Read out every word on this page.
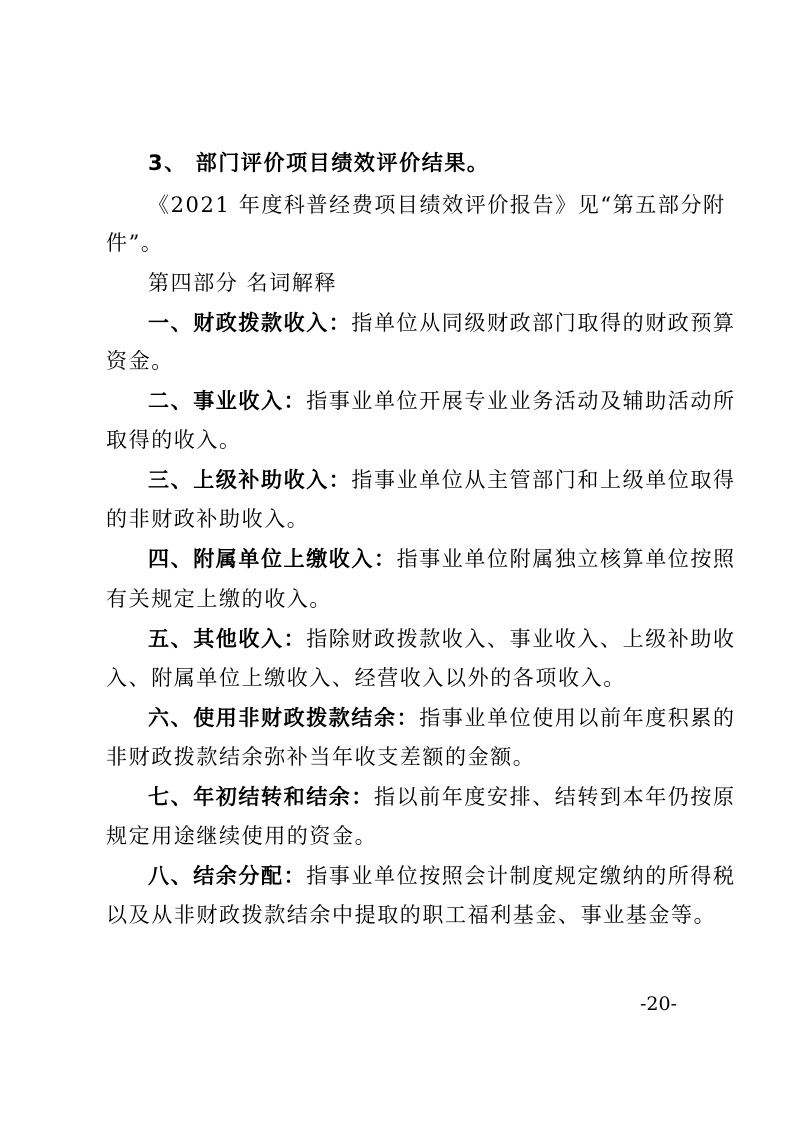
3、 部门评价项目绩效评价结果。
《2021 年度科普经费项目绩效评价报告》见“第五部分附
件”。
第四部分 名词解释
一、财政拨款收入：指单位从同级财政部门取得的财政预算
资金。
二、事业收入：指事业单位开展专业业务活动及辅助活动所
取得的收入。
三、上级补助收入：指事业单位从主管部门和上级单位取得
的非财政补助收入。
四、附属单位上缴收入：指事业单位附属独立核算单位按照
有关规定上缴的收入。
五、其他收入：指除财政拨款收入、事业收入、上级补助收
入、附属单位上缴收入、经营收入以外的各项收入。
六、使用非财政拨款结余：指事业单位使用以前年度积累的
非财政拨款结余弥补当年收支差额的金额。
七、年初结转和结余：指以前年度安排、结转到本年仍按原
规定用途继续使用的资金。
八、结余分配：指事业单位按照会计制度规定缴纳的所得税
以及从非财政拨款结余中提取的职工福利基金、事业基金等。
-20-
